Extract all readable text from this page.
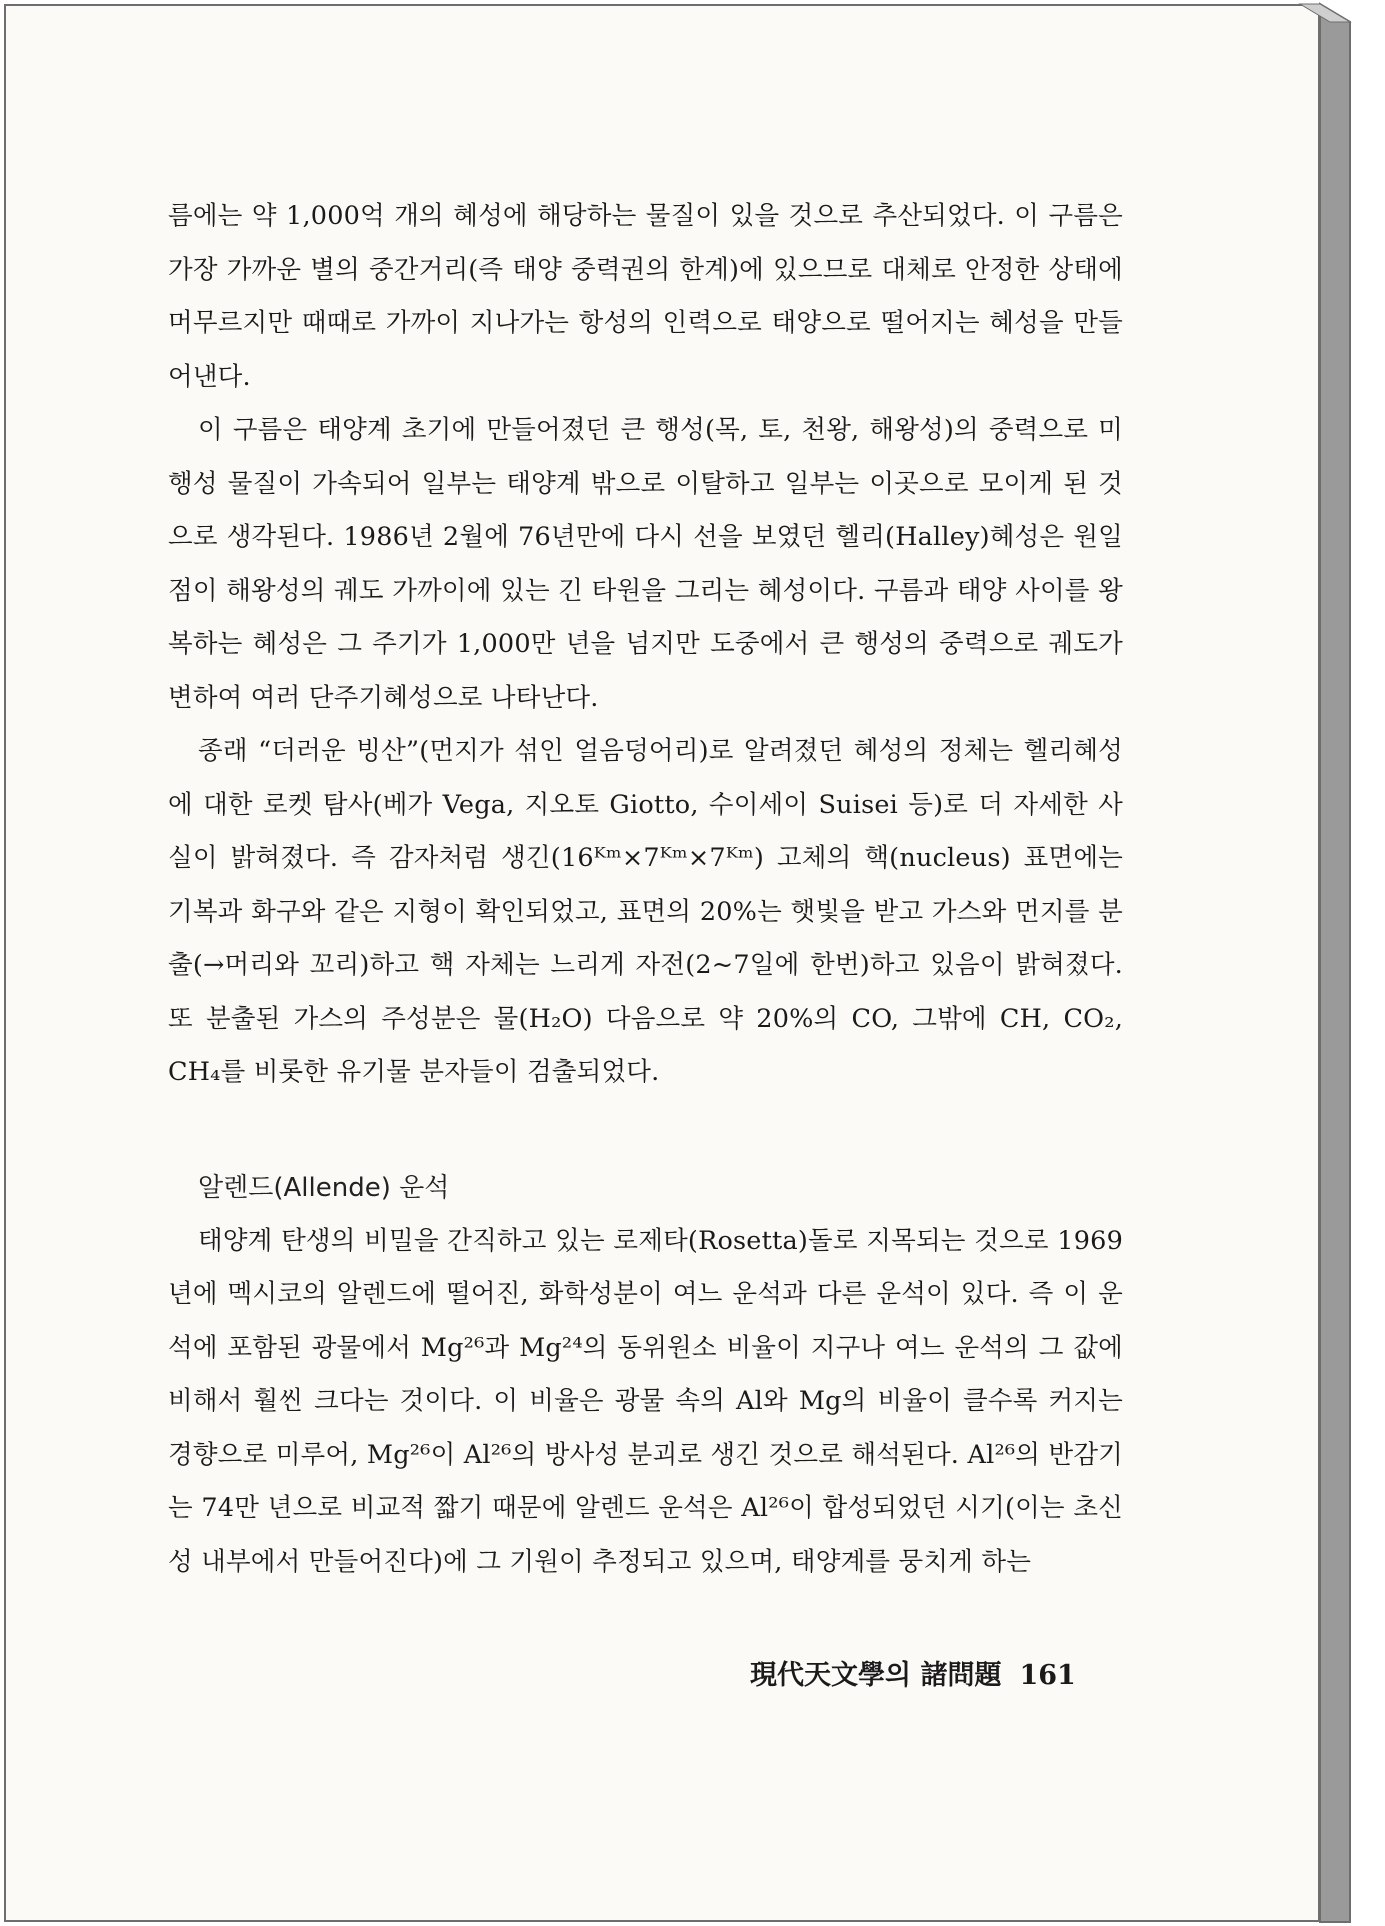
름에는 약 1,000억 개의 혜성에 해당하는 물질이 있을 것으로 추산되었다. 이 구름은 가장 가까운 별의 중간거리(즉 태양 중력권의 한계)에 있으므로 대체로 안정한 상태에 머무르지만 때때로 가까이 지나가는 항성의 인력으로 태양으로 떨어지는 혜성을 만들어낸다.

이 구름은 태양계 초기에 만들어졌던 큰 행성(목, 토, 천왕, 해왕성)의 중력으로 미행성 물질이 가속되어 일부는 태양계 밖으로 이탈하고 일부는 이곳으로 모이게 된 것으로 생각된다. 1986년 2월에 76년만에 다시 선을 보였던 헬리(Halley)혜성은 원일점이 해왕성의 궤도 가까이에 있는 긴 타원을 그리는 혜성이다. 구름과 태양 사이를 왕복하는 혜성은 그 주기가 1,000만 년을 넘지만 도중에서 큰 행성의 중력으로 궤도가 변하여 여러 단주기혜성으로 나타난다.

종래 “더러운 빙산”(먼지가 섞인 얼음덩어리)로 알려졌던 혜성의 정체는 헬리혜성에 대한 로켓 탐사(베가 Vega, 지오토 Giotto, 수이세이 Suisei 등)로 더 자세한 사실이 밝혀졌다. 즉 감자처럼 생긴(16ᴷᵐ×7ᴷᵐ×7ᴷᵐ) 고체의 핵(nucleus) 표면에는 기복과 화구와 같은 지형이 확인되었고, 표면의 20%는 햇빛을 받고 가스와 먼지를 분출(→머리와 꼬리)하고 핵 자체는 느리게 자전(2~7일에 한번)하고 있음이 밝혀졌다. 또 분출된 가스의 주성분은 물(H₂O) 다음으로 약 20%의 CO, 그밖에 CH, CO₂, CH₄를 비롯한 유기물 분자들이 검출되었다.

알렌드(Allende) 운석

태양계 탄생의 비밀을 간직하고 있는 로제타(Rosetta)돌로 지목되는 것으로 1969년에 멕시코의 알렌드에 떨어진, 화학성분이 여느 운석과 다른 운석이 있다. 즉 이 운석에 포함된 광물에서 Mg²⁶과 Mg²⁴의 동위원소 비율이 지구나 여느 운석의 그 값에 비해서 훨씬 크다는 것이다. 이 비율은 광물 속의 Al와 Mg의 비율이 클수록 커지는 경향으로 미루어, Mg²⁶이 Al²⁶의 방사성 분괴로 생긴 것으로 해석된다. Al²⁶의 반감기는 74만 년으로 비교적 짧기 때문에 알렌드 운석은 Al²⁶이 합성되었던 시기(이는 초신성 내부에서 만들어진다)에 그 기원이 추정되고 있으며, 태양계를 뭉치게 하는

現代天文學의 諸問題 161
